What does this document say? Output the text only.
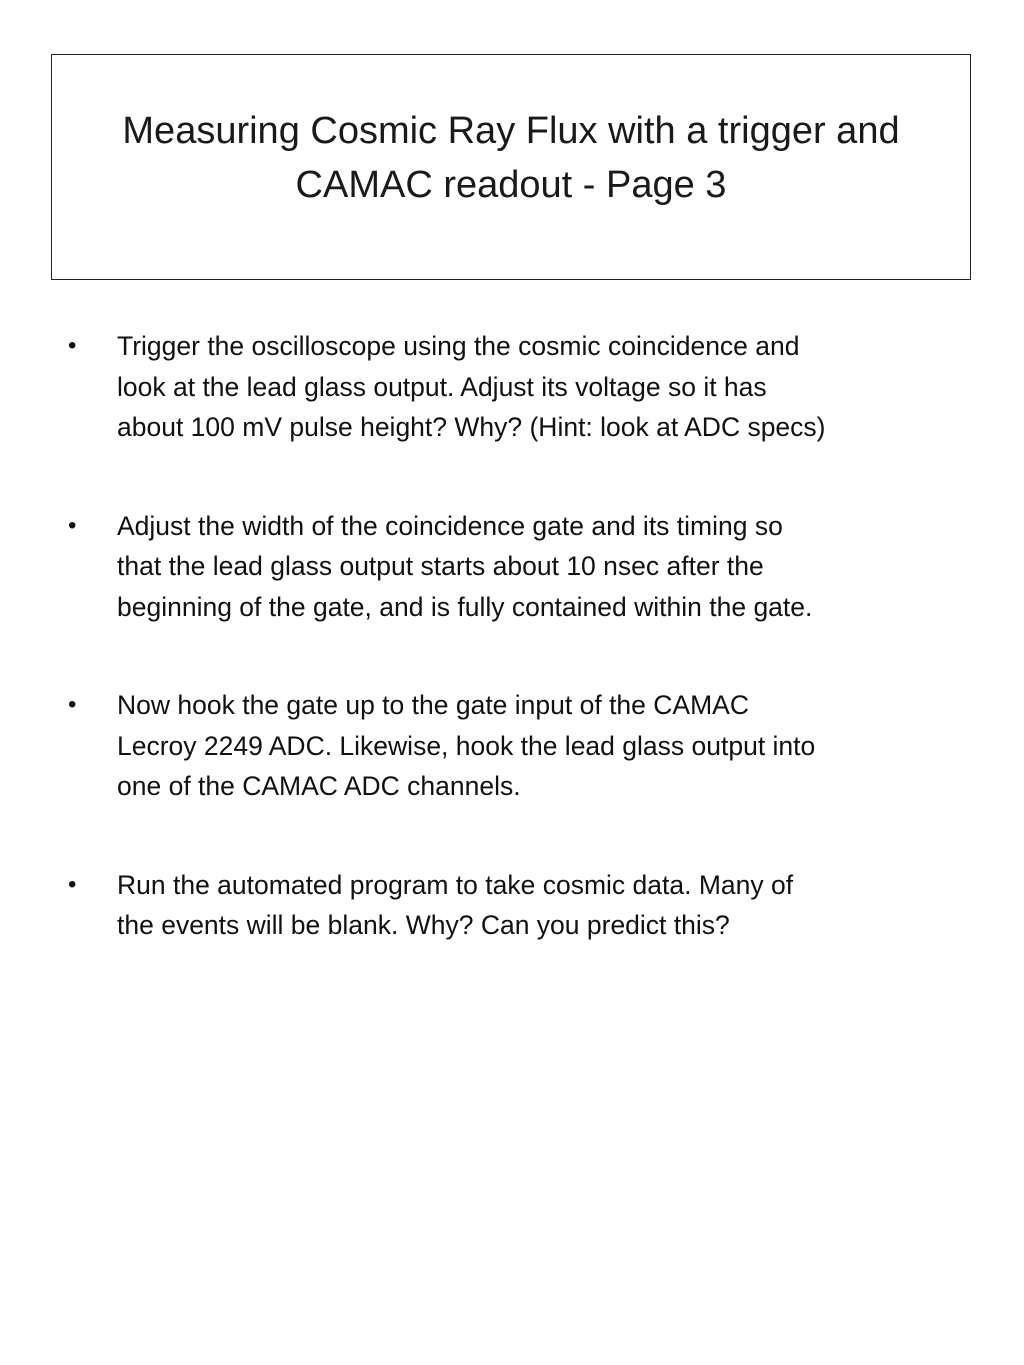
Measuring Cosmic Ray Flux with a trigger and
CAMAC readout - Page 3
• Trigger the oscilloscope using the cosmic coincidence and
look at the lead glass output. Adjust its voltage so it has
about 100 mV pulse height? Why? (Hint: look at ADC specs)
• Adjust the width of the coincidence gate and its timing so
that the lead glass output starts about 10 nsec after the
beginning of the gate, and is fully contained within the gate.
• Now hook the gate up to the gate input of the CAMAC
Lecroy 2249 ADC. Likewise, hook the lead glass output into
one of the CAMAC ADC channels.
• Run the automated program to take cosmic data. Many of
the events will be blank. Why? Can you predict this?
